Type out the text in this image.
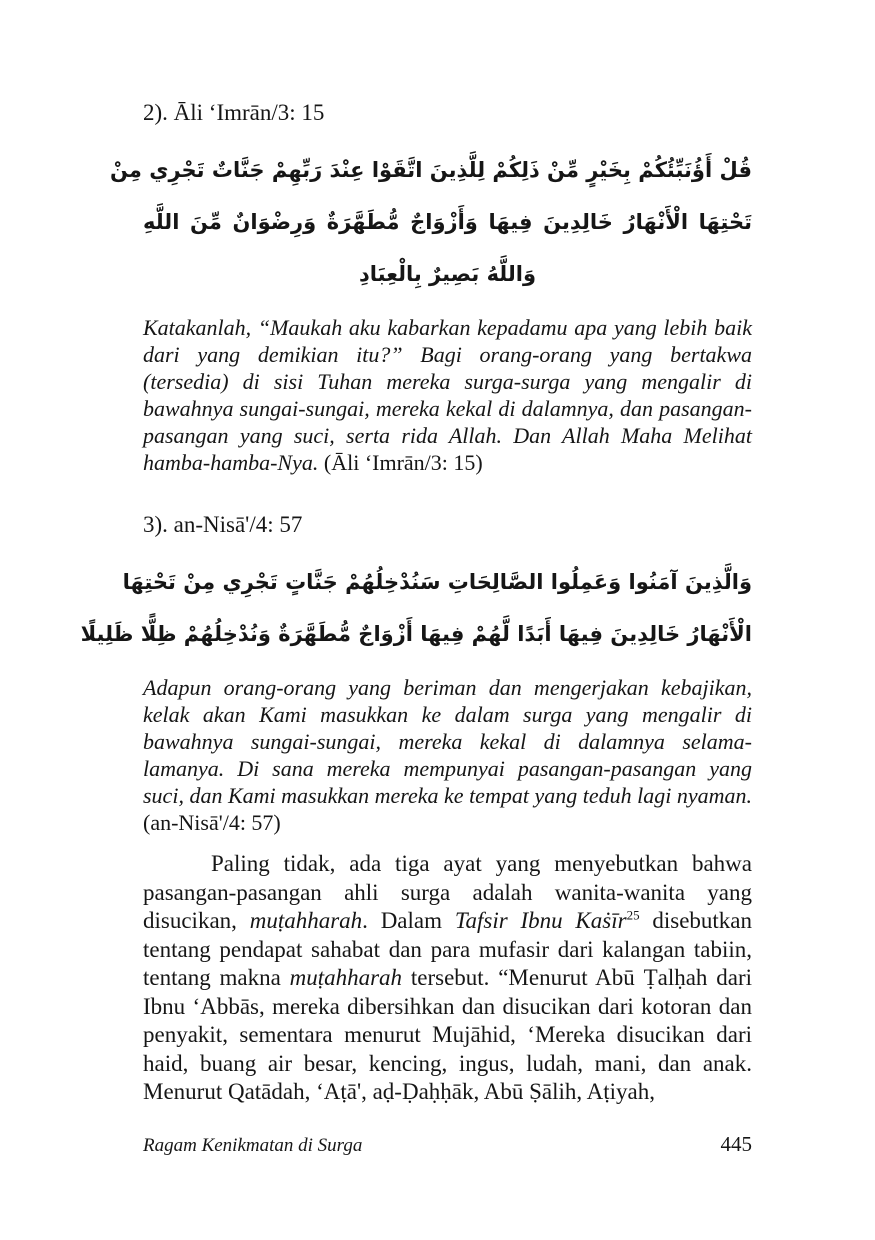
2). Āli ‘Imrān/3: 15
قُلْ أَؤُنَبِّئُكُمْ بِخَيْرٍ مِّنْ ذَلِكُمْ لِلَّذِينَ اتَّقَوْا عِنْدَ رَبِّهِمْ جَنَّاتٌ تَجْرِي مِنْ
تَحْتِهَا الْأَنْهَارُ خَالِدِينَ فِيهَا وَأَزْوَاجٌ مُّطَهَّرَةٌ وَرِضْوَانٌ مِّنَ اللَّهِ
وَاللَّهُ بَصِيرٌ بِالْعِبَادِ

Katakanlah, “Maukah aku kabarkan kepadamu apa yang lebih baik dari yang demikian itu?” Bagi orang-orang yang bertakwa (tersedia) di sisi Tuhan mereka surga-surga yang mengalir di bawahnya sungai-sungai, mereka kekal di dalamnya, dan pasangan-pasangan yang suci, serta rida Allah. Dan Allah Maha Melihat hamba-hamba-Nya. (Āli ‘Imrān/3: 15)

3). an-Nisā'/4: 57
وَالَّذِينَ آمَنُوا وَعَمِلُوا الصَّالِحَاتِ سَنُدْخِلُهُمْ جَنَّاتٍ تَجْرِي مِنْ تَحْتِهَا
الْأَنْهَارُ خَالِدِينَ فِيهَا أَبَدًا لَّهُمْ فِيهَا أَزْوَاجٌ مُّطَهَّرَةٌ وَنُدْخِلُهُمْ ظِلًّا ظَلِيلًا

Adapun orang-orang yang beriman dan mengerjakan kebajikan, kelak akan Kami masukkan ke dalam surga yang mengalir di bawahnya sungai-sungai, mereka kekal di dalamnya selama-lamanya. Di sana mereka mempunyai pasangan-pasangan yang suci, dan Kami masukkan mereka ke tempat yang teduh lagi nyaman. (an-Nisā'/4: 57)

Paling tidak, ada tiga ayat yang menyebutkan bahwa pasangan-pasangan ahli surga adalah wanita-wanita yang disucikan, muṭahharah. Dalam Tafsir Ibnu Kaṡīr$^{25}$ disebutkan tentang pendapat sahabat dan para mufasir dari kalangan tabiin, tentang makna muṭahharah tersebut. “Menurut Abū Ṭalḥah dari Ibnu ‘Abbās, mereka dibersihkan dan disucikan dari kotoran dan penyakit, sementara menurut Mujāhid, ‘Mereka disucikan dari haid, buang air besar, kencing, ingus, ludah, mani, dan anak. Menurut Qatādah, ‘Aṭā', aḍ-Ḍaḥḥāk, Abū Ṣālih, Aṭiyah,

Ragam Kenikmatan di Surga	445
